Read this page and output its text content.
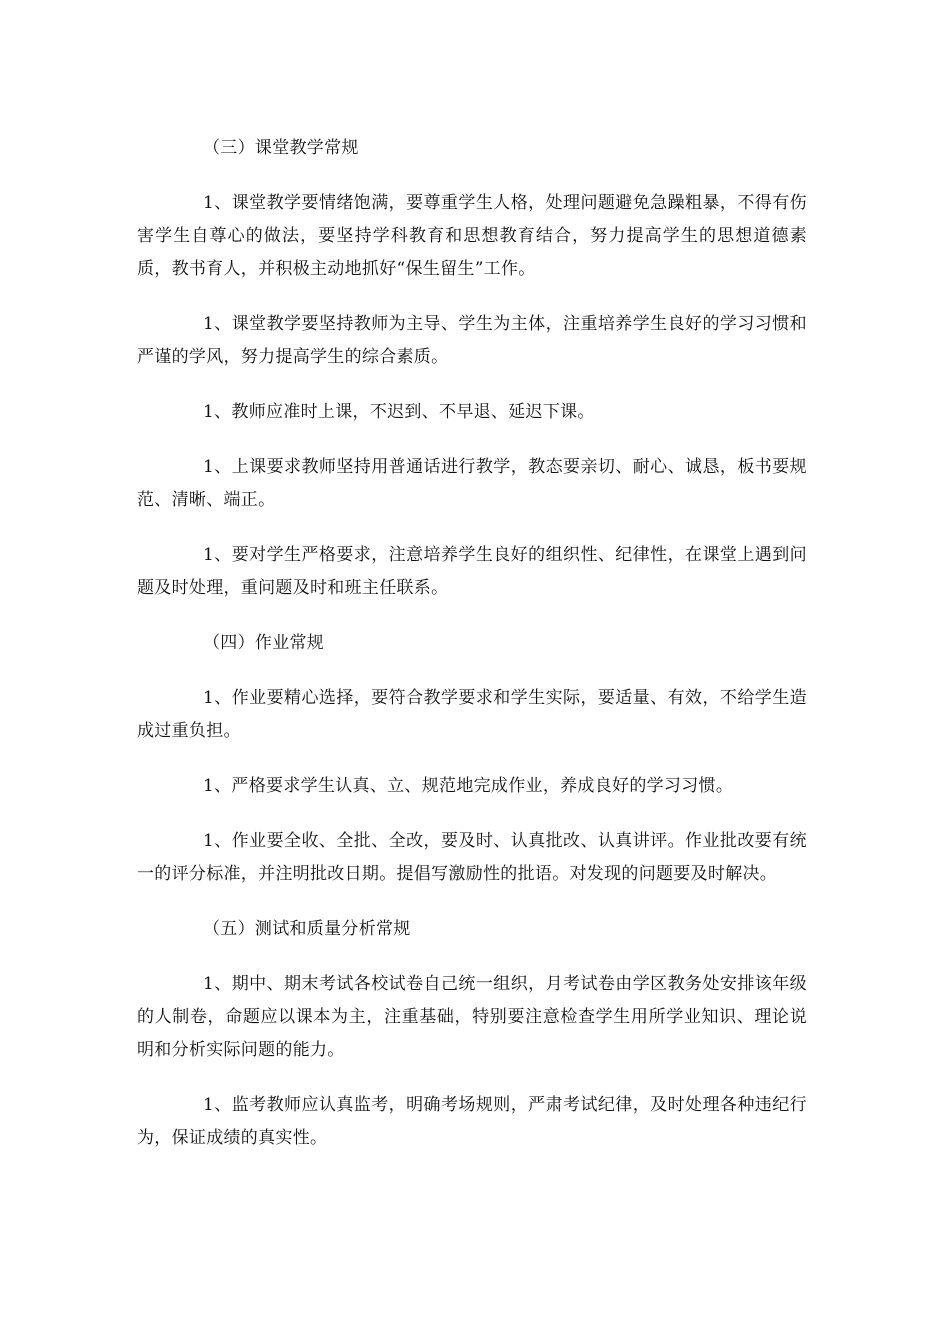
（三）课堂教学常规

1、课堂教学要情绪饱满，要尊重学生人格，处理问题避免急躁粗暴，不得有伤害学生自尊心的做法，要坚持学科教育和思想教育结合，努力提高学生的思想道德素质，教书育人，并积极主动地抓好“保生留生”工作。

1、课堂教学要坚持教师为主导、学生为主体，注重培养学生良好的学习习惯和严谨的学风，努力提高学生的综合素质。

1、教师应准时上课，不迟到、不早退、延迟下课。

1、上课要求教师坚持用普通话进行教学，教态要亲切、耐心、诚恳，板书要规范、清晰、端正。

1、要对学生严格要求，注意培养学生良好的组织性、纪律性，在课堂上遇到问题及时处理，重问题及时和班主任联系。

（四）作业常规

1、作业要精心选择，要符合教学要求和学生实际，要适量、有效，不给学生造成过重负担。

1、严格要求学生认真、立、规范地完成作业，养成良好的学习习惯。

1、作业要全收、全批、全改，要及时、认真批改、认真讲评。作业批改要有统一的评分标准，并注明批改日期。提倡写激励性的批语。对发现的问题要及时解决。

（五）测试和质量分析常规

1、期中、期末考试各校试卷自己统一组织，月考试卷由学区教务处安排该年级的人制卷，命题应以课本为主，注重基础，特别要注意检查学生用所学业知识、理论说明和分析实际问题的能力。

1、监考教师应认真监考，明确考场规则，严肃考试纪律，及时处理各种违纪行为，保证成绩的真实性。
